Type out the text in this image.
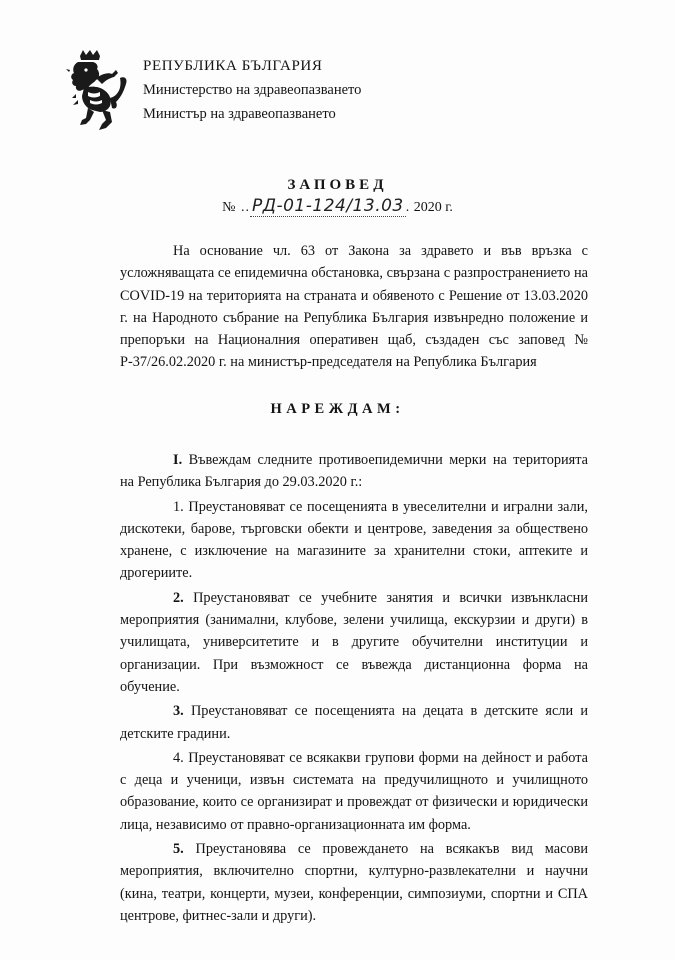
РЕПУБЛИКА БЪЛГАРИЯ
Министерство на здравеопазването
Министър на здравеопазването
ЗАПОВЕД
№ .. РД-01-124/13.03 . 2020 г.

На основание чл. 63 от Закона за здравето и във връзка с усложняващата се епидемична обстановка, свързана с разпространението на COVID-19 на територията на страната и обявеното с Решение от 13.03.2020 г. на Народното събрание на Република България извънредно положение и препоръки на Националния оперативен щаб, създаден със заповед № Р-37/26.02.2020 г. на министър-председателя на Република България

НАРЕЖДАМ:

I. Въвеждам следните противоепидемични мерки на територията на Република България до 29.03.2020 г.:

1. Преустановяват се посещенията в увеселителни и игрални зали, дискотеки, барове, търговски обекти и центрове, заведения за обществено хранене, с изключение на магазините за хранителни стоки, аптеките и дрогериите.

2. Преустановяват се учебните занятия и всички извънкласни мероприятия (занимални, клубове, зелени училища, екскурзии и други) в училищата, университетите и в другите обучителни институции и организации. При възможност се въвежда дистанционна форма на обучение.

3. Преустановяват се посещенията на децата в детските ясли и детските градини.

4. Преустановяват се всякакви групови форми на дейност и работа с деца и ученици, извън системата на предучилищното и училищното образование, които се организират и провеждат от физически и юридически лица, независимо от правно-организационната им форма.

5. Преустановява се провеждането на всякакъв вид масови мероприятия, включително спортни, културно-развлекателни и научни (кина, театри, концерти, музеи, конференции, симпозиуми, спортни и СПА центрове, фитнес-зали и други).
